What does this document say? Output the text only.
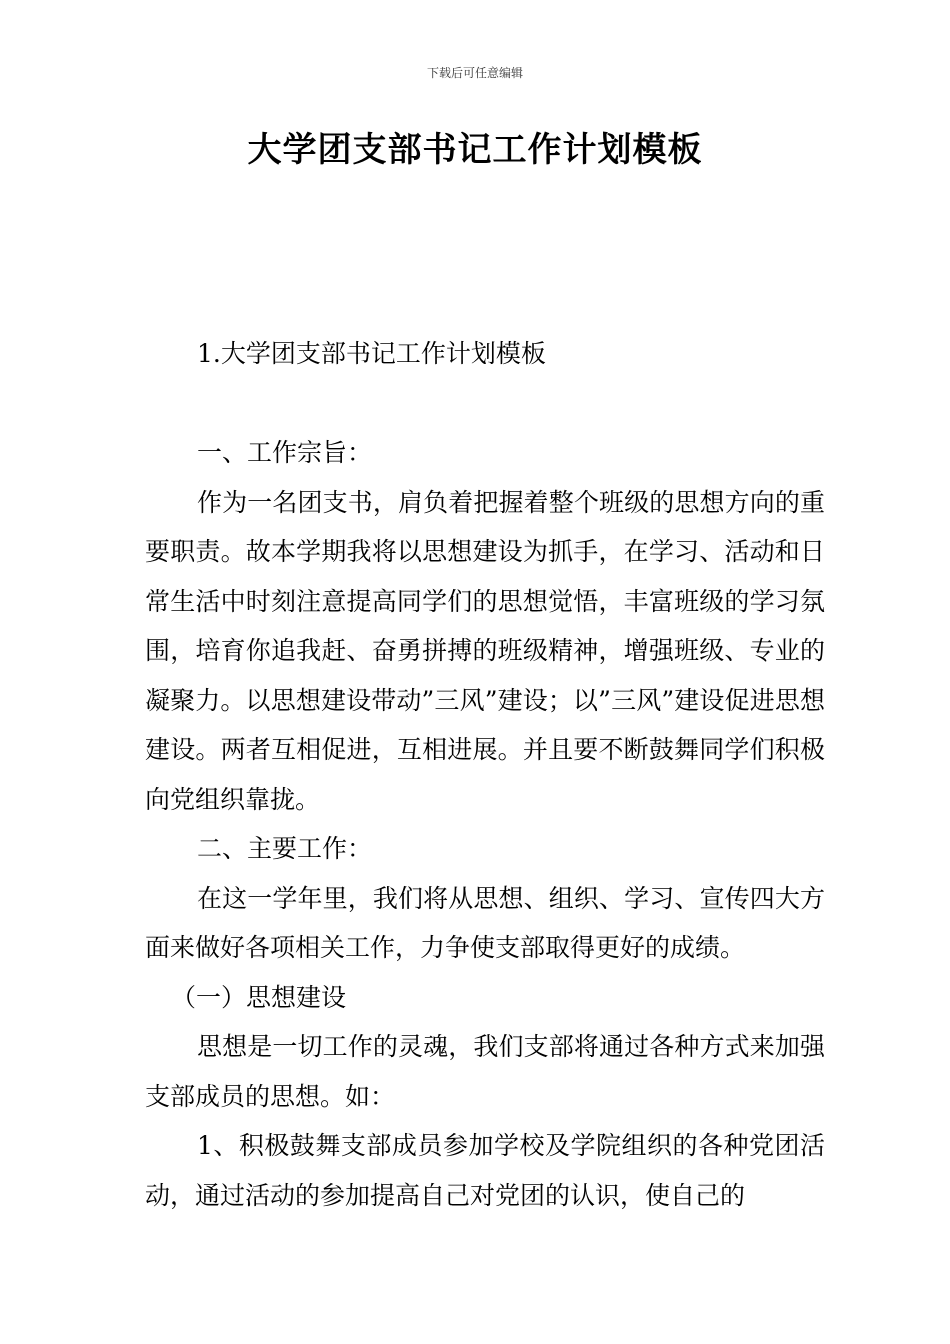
下载后可任意编辑
大学团支部书记工作计划模板

1.大学团支部书记工作计划模板

一、工作宗旨：

作为一名团支书，肩负着把握着整个班级的思想方向的重要职责。故本学期我将以思想建设为抓手，在学习、活动和日常生活中时刻注意提高同学们的思想觉悟，丰富班级的学习氛围，培育你追我赶、奋勇拼搏的班级精神，增强班级、专业的凝聚力。以思想建设带动”三风”建设；以”三风”建设促进思想建设。两者互相促进，互相进展。并且要不断鼓舞同学们积极向党组织靠拢。

二、主要工作：

在这一学年里，我们将从思想、组织、学习、宣传四大方面来做好各项相关工作，力争使支部取得更好的成绩。

（一）思想建设

思想是一切工作的灵魂，我们支部将通过各种方式来加强支部成员的思想。如：

1、积极鼓舞支部成员参加学校及学院组织的各种党团活动，通过活动的参加提高自己对党团的认识，使自己的
